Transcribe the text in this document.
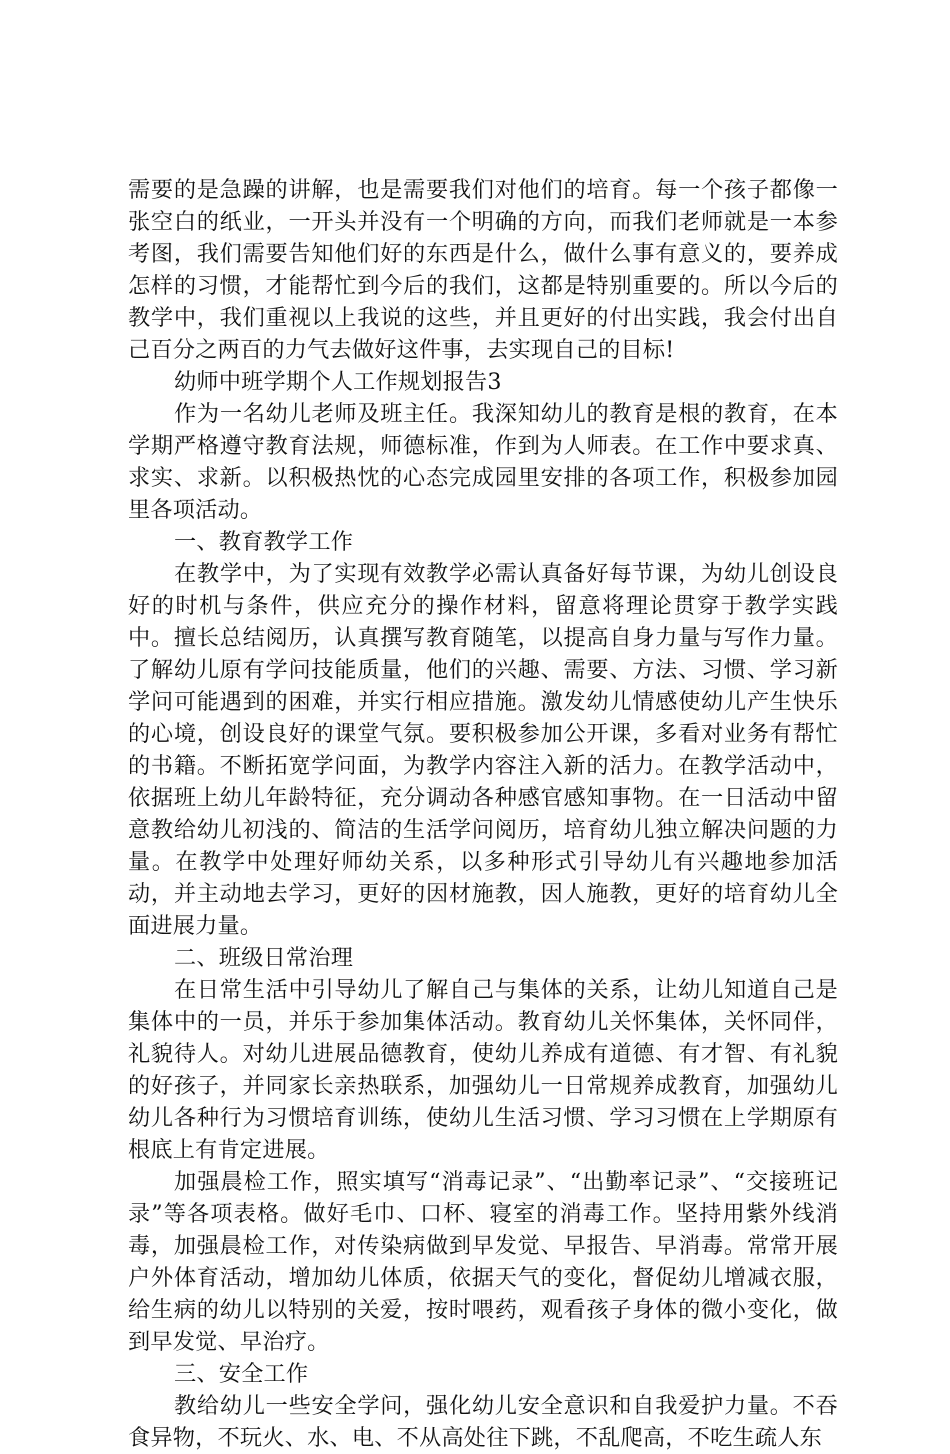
需要的是急躁的讲解，也是需要我们对他们的培育。每一个孩子都像一张空白的纸业，一开头并没有一个明确的方向，而我们老师就是一本参考图，我们需要告知他们好的东西是什么，做什么事有意义的，要养成怎样的习惯，才能帮忙到今后的我们，这都是特别重要的。所以今后的教学中，我们重视以上我说的这些，并且更好的付出实践，我会付出自己百分之两百的力气去做好这件事，去实现自己的目标!

幼师中班学期个人工作规划报告3

作为一名幼儿老师及班主任。我深知幼儿的教育是根的教育，在本学期严格遵守教育法规，师德标准，作到为人师表。在工作中要求真、求实、求新。以积极热忱的心态完成园里安排的各项工作，积极参加园里各项活动。

一、教育教学工作

在教学中，为了实现有效教学必需认真备好每节课，为幼儿创设良好的时机与条件，供应充分的操作材料，留意将理论贯穿于教学实践中。擅长总结阅历，认真撰写教育随笔，以提高自身力量与写作力量。了解幼儿原有学问技能质量，他们的兴趣、需要、方法、习惯、学习新学问可能遇到的困难，并实行相应措施。激发幼儿情感使幼儿产生快乐的心境，创设良好的课堂气氛。要积极参加公开课，多看对业务有帮忙的书籍。不断拓宽学问面，为教学内容注入新的活力。在教学活动中，依据班上幼儿年龄特征，充分调动各种感官感知事物。在一日活动中留意教给幼儿初浅的、简洁的生活学问阅历，培育幼儿独立解决问题的力量。在教学中处理好师幼关系，以多种形式引导幼儿有兴趣地参加活动，并主动地去学习，更好的因材施教，因人施教，更好的培育幼儿全面进展力量。

二、班级日常治理

在日常生活中引导幼儿了解自己与集体的关系，让幼儿知道自己是集体中的一员，并乐于参加集体活动。教育幼儿关怀集体，关怀同伴，礼貌待人。对幼儿进展品德教育，使幼儿养成有道德、有才智、有礼貌的好孩子，并同家长亲热联系，加强幼儿一日常规养成教育，加强幼儿幼儿各种行为习惯培育训练，使幼儿生活习惯、学习习惯在上学期原有根底上有肯定进展。

加强晨检工作，照实填写“消毒记录”、“出勤率记录”、“交接班记录”等各项表格。做好毛巾、口杯、寝室的消毒工作。坚持用紫外线消毒，加强晨检工作，对传染病做到早发觉、早报告、早消毒。常常开展户外体育活动，增加幼儿体质，依据天气的变化，督促幼儿增减衣服，给生病的幼儿以特别的关爱，按时喂药，观看孩子身体的微小变化，做到早发觉、早治疗。

三、安全工作

教给幼儿一些安全学问，强化幼儿安全意识和自我爱护力量。不吞食异物，不玩火、水、电、不从高处往下跳，不乱爬高，不吃生疏人东
